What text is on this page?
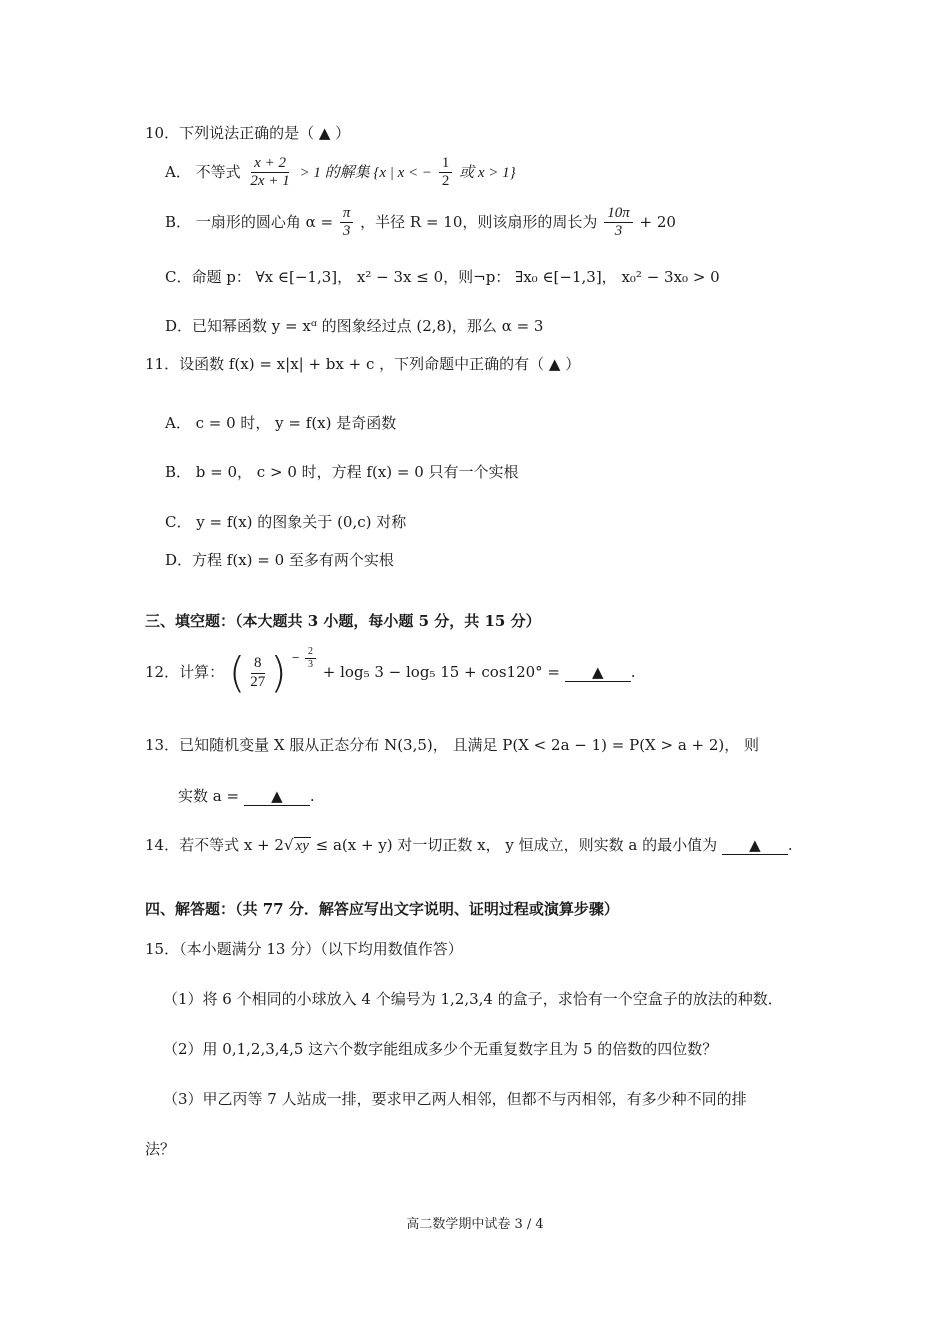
10．下列说法正确的是（ ▲ ）
A． 不等式 $\frac{x + 2}{2x + 1} > 1$ 的解集 {x | x < − $\frac{1}{2}$ 或 x > 1}
B． 一扇形的圆心角 $\alpha = \frac{\pi}{3}$ ，半径 R = 10，则该扇形的周长为 $\frac{10\pi}{3} + 20$
C．命题 p： ∀x ∈[−1,3]， x² − 3x ≤ 0，则¬p： ∃x₀ ∈[−1,3]， x₀² − 3x₀ > 0
D．已知幂函数 y = xᵅ 的图象经过点 (2,8)，那么 α = 3
11．设函数 f(x) = x|x| + bx + c ，下列命题中正确的有（ ▲ ）
A． c = 0 时， y = f(x) 是奇函数
B． b = 0， c > 0 时，方程 f(x) = 0 只有一个实根
C． y = f(x) 的图象关于 (0,c) 对称
D．方程 f(x) = 0 至多有两个实根
三、填空题：（本大题共 3 小题，每小题 5 分，共 15 分）
12．计算： ( $\frac{8}{27}$ ) − $\frac{2}{3}$
+ log₅ 3 − log₅ 15 + cos120° = ▲ .
13．已知随机变量 X 服从正态分布 N(3,5)， 且满足 P(X < 2a − 1) = P(X > a + 2)， 则
实数 a = ▲ .
14．若不等式 x + 2√ xy ≤ a(x + y) 对一切正数 x， y 恒成立，则实数 a 的最小值为 ▲ .
四、解答题：（共 77 分．解答应写出文字说明、证明过程或演算步骤）
15．（本小题满分 13 分）（以下均用数值作答）
（1）将 6 个相同的小球放入 4 个编号为 1,2,3,4 的盒子，求恰有一个空盒子的放法的种数．
（2）用 0,1,2,3,4,5 这六个数字能组成多少个无重复数字且为 5 的倍数的四位数？
（3）甲乙丙等 7 人站成一排，要求甲乙两人相邻，但都不与丙相邻，有多少种不同的排
法？
高二数学期中试卷 3 / 4
